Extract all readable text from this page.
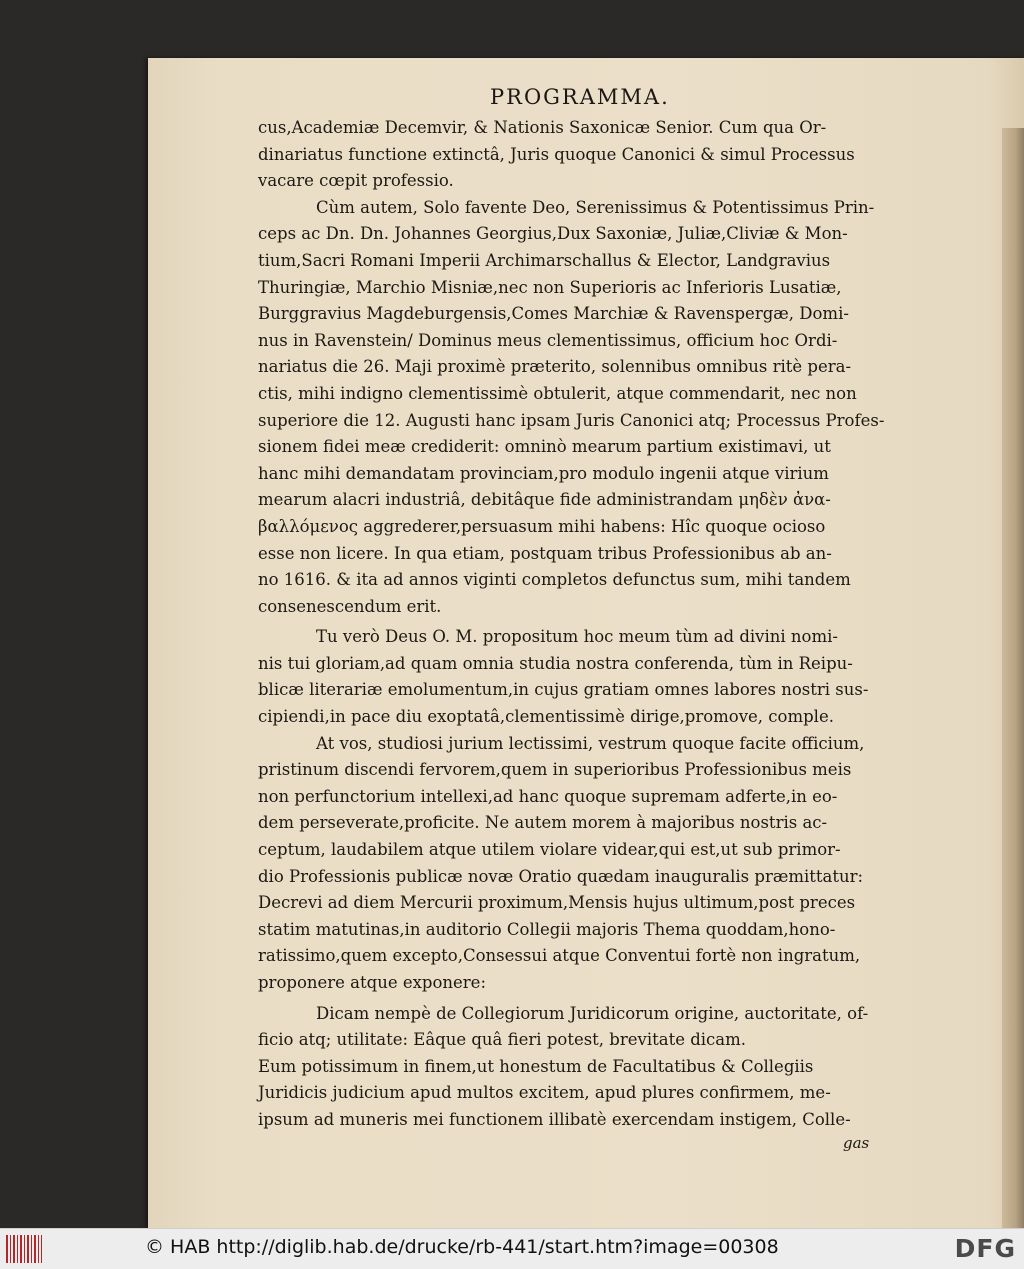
PROGRAMMA.
cus,Academiæ Decemvir, & Nationis Saxonicæ Senior. Cum qua Or-
dinariatus functione extinctâ, Juris quoque Canonici & simul Processus
vacare cœpit professio.
Cùm autem, Solo favente Deo, Serenissimus & Potentissimus Prin-
ceps ac Dn. Dn. Johannes Georgius,Dux Saxoniæ, Juliæ,Cliviæ & Mon-
tium,Sacri Romani Imperii Archimarschallus & Elector, Landgravius
Thuringiæ, Marchio Misniæ,nec non Superioris ac Inferioris Lusatiæ,
Burggravius Magdeburgensis,Comes Marchiæ & Ravenspergæ, Domi-
nus in Ravenstein/ Dominus meus clementissimus, officium hoc Ordi-
nariatus die 26. Maji proximè præterito, solennibus omnibus ritè pera-
ctis, mihi indigno clementissimè obtulerit, atque commendarit, nec non
superiore die 12. Augusti hanc ipsam Juris Canonici atq; Processus Profes-
sionem fidei meæ crediderit: omninò mearum partium existimavi, ut
hanc mihi demandatam provinciam,pro modulo ingenii atque virium
mearum alacri industriâ, debitâque fide administrandam μηδὲν ἀνα-
βαλλόμενος aggrederer,persuasum mihi habens: Hîc quoque ocioso
esse non licere. In qua etiam, postquam tribus Professionibus ab an-
no 1616. & ita ad annos viginti completos defunctus sum, mihi tandem
consenescendum erit.
Tu verò Deus O. M. propositum hoc meum tùm ad divini nomi-
nis tui gloriam,ad quam omnia studia nostra conferenda, tùm in Reipu-
blicæ literariæ emolumentum,in cujus gratiam omnes labores nostri sus-
cipiendi,in pace diu exoptatâ,clementissimè dirige,promove, comple.
At vos, studiosi jurium lectissimi, vestrum quoque facite officium,
pristinum discendi fervorem,quem in superioribus Professionibus meis
non perfunctorium intellexi,ad hanc quoque supremam adferte,in eo-
dem perseverate,proficite. Ne autem morem à majoribus nostris ac-
ceptum, laudabilem atque utilem violare videar,qui est,ut sub primor-
dio Professionis publicæ novæ Oratio quædam inauguralis præmittatur:
Decrevi ad diem Mercurii proximum,Mensis hujus ultimum,post preces
statim matutinas,in auditorio Collegii majoris Thema quoddam,hono-
ratissimo,quem excepto,Consessui atque Conventui fortè non ingratum,
proponere atque exponere:
Dicam nempè de Collegiorum Juridicorum origine, auctoritate, of-
ficio atq; utilitate: Eâque quâ fieri potest, brevitate dicam.
Eum potissimum in finem,ut honestum de Facultatibus & Collegiis
Juridicis judicium apud multos excitem, apud plures confirmem, me-
ipsum ad muneris mei functionem illibatè exercendam instigem, Colle-
gas
© HAB http://diglib.hab.de/drucke/rb-441/start.htm?image=00308	DFG
